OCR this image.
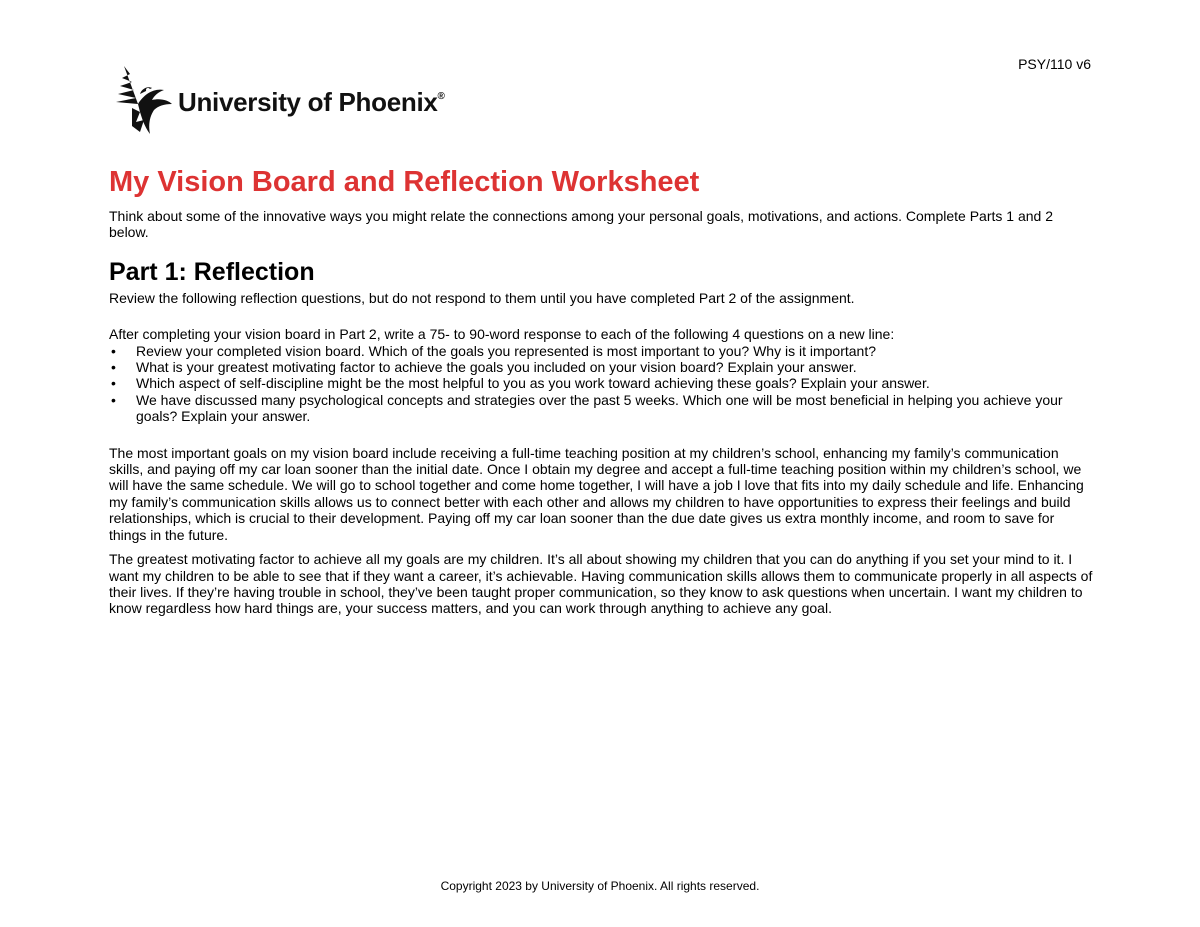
PSY/110 v6
University of Phoenix®
My Vision Board and Reflection Worksheet

Think about some of the innovative ways you might relate the connections among your personal goals, motivations, and actions. Complete Parts 1 and 2 below.

Part 1: Reflection

Review the following reflection questions, but do not respond to them until you have completed Part 2 of the assignment.

After completing your vision board in Part 2, write a 75- to 90-word response to each of the following 4 questions on a new line:

• Review your completed vision board. Which of the goals you represented is most important to you? Why is it important?
• What is your greatest motivating factor to achieve the goals you included on your vision board? Explain your answer.
• Which aspect of self-discipline might be the most helpful to you as you work toward achieving these goals? Explain your answer.
• We have discussed many psychological concepts and strategies over the past 5 weeks. Which one will be most beneficial in helping you achieve your goals? Explain your answer.

The most important goals on my vision board include receiving a full-time teaching position at my children’s school, enhancing my family’s communication skills, and paying off my car loan sooner than the initial date. Once I obtain my degree and accept a full-time teaching position within my children’s school, we will have the same schedule. We will go to school together and come home together, I will have a job I love that fits into my daily schedule and life. Enhancing my family’s communication skills allows us to connect better with each other and allows my children to have opportunities to express their feelings and build relationships, which is crucial to their development. Paying off my car loan sooner than the due date gives us extra monthly income, and room to save for things in the future.

The greatest motivating factor to achieve all my goals are my children. It’s all about showing my children that you can do anything if you set your mind to it. I want my children to be able to see that if they want a career, it’s achievable. Having communication skills allows them to communicate properly in all aspects of their lives. If they’re having trouble in school, they’ve been taught proper communication, so they know to ask questions when uncertain. I want my children to know regardless how hard things are, your success matters, and you can work through anything to achieve any goal.

Copyright 2023 by University of Phoenix. All rights reserved.
